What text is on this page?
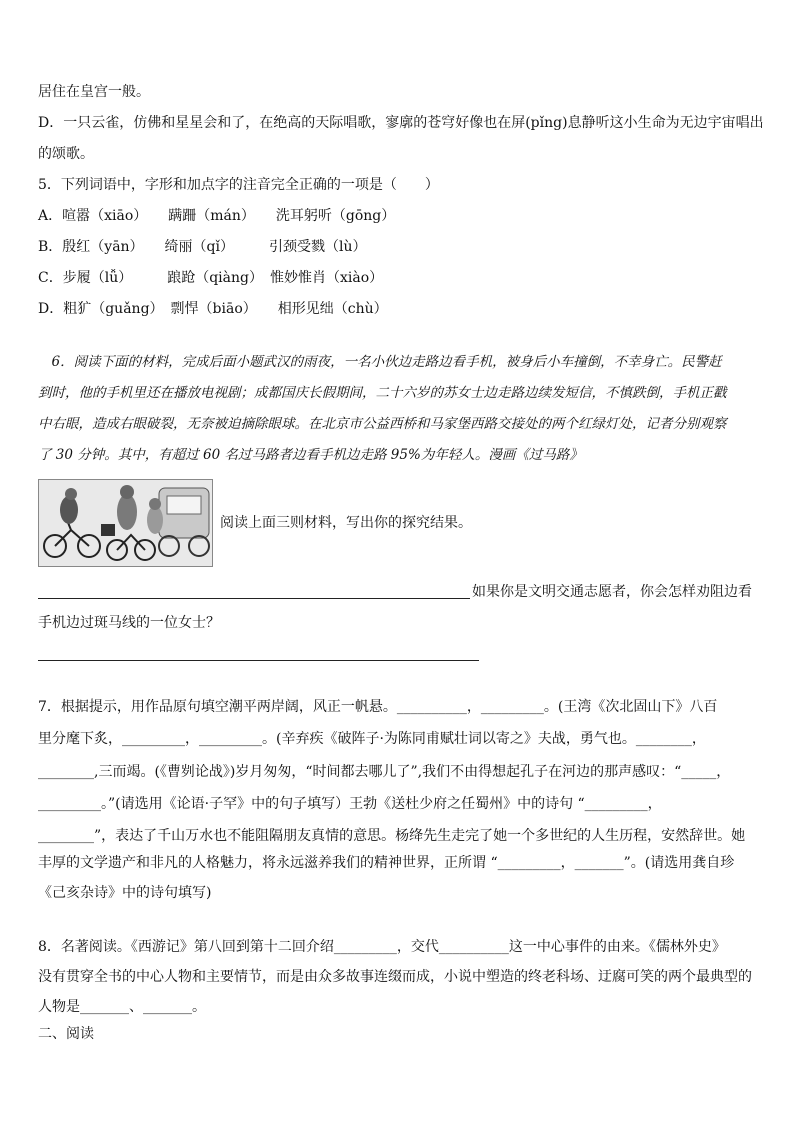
居住在皇宫一般。
D．一只云雀，仿佛和星星会和了，在绝高的天际唱歌，寥廓的苍穹好像也在屏(pǐng)息静听这小生命为无边宇宙唱出
的颂歌。
5．下列词语中，字形和加点字的注音完全正确的一项是（　　）
A．喧嚣（xiāo）　　蹒跚（mán）　　洗耳躬听（gōng）
B．殷红（yān）　　绮丽（qǐ）　　　引颈受戮（lù）
C．步履（lǚ）　　　踉跄（qiàng）　惟妙惟肖（xiào）
D．粗犷（guǎng）　剽悍（biāo）　　相形见绌（chù）
　6．阅读下面的材料，完成后面小题武汉的雨夜，一名小伙边走路边看手机，被身后小车撞倒，不幸身亡。民警赶
到时，他的手机里还在播放电视剧；成都国庆长假期间，二十六岁的苏女士边走路边续发短信，不慎跌倒，手机正戳
中右眼，造成右眼破裂，无奈被迫摘除眼球。在北京市公益西桥和马家堡西路交接处的两个红绿灯处，记者分别观察
了 30 分钟。其中，有超过 60 名过马路者边看手机边走路 95%为年轻人。漫画《过马路》
阅读上面三则材料，写出你的探究结果。
如果你是文明交通志愿者，你会怎样劝阻边看
手机边过斑马线的一位女士？
7．根据提示，用作品原句填空潮平两岸阔，风正一帆悬。__________，_________。(王湾《次北固山下》八百
里分麾下炙，_________，_________。(辛弃疾《破阵子·为陈同甫赋壮词以寄之》夫战，勇气也。________，
________,三而竭。(《曹刿论战》)岁月匆匆，“时间都去哪儿了”,我们不由得想起孔子在河边的那声感叹：“_____，
_________。”(请选用《论语·子罕》中的句子填写）王勃《送杜少府之任蜀州》中的诗句 “_________，
________”，表达了千山万水也不能阻隔朋友真情的意思。杨绛先生走完了她一个多世纪的人生历程，安然辞世。她
丰厚的文学遗产和非凡的人格魅力，将永远滋养我们的精神世界，正所谓 “_________，_______”。(请选用龚自珍
《己亥杂诗》中的诗句填写)
8．名著阅读。《西游记》第八回到第十二回介绍_________，交代__________这一中心事件的由来。《儒林外史》
没有贯穿全书的中心人物和主要情节，而是由众多故事连缀而成，小说中塑造的终老科场、迂腐可笑的两个最典型的
人物是_______、_______。
二、阅读
